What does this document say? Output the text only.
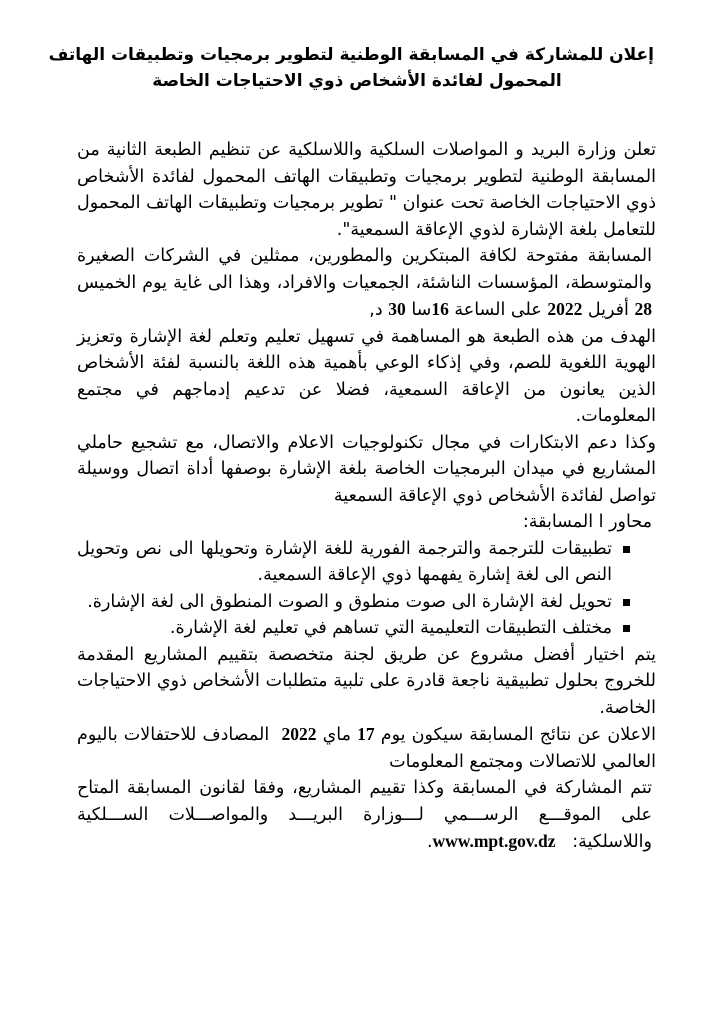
إعلان للمشاركة في المسابقة الوطنية لتطوير برمجيات وتطبيقات الهاتف
المحمول لفائدة الأشخاص ذوي الاحتياجات الخاصة

تعلن وزارة البريد و المواصلات السلكية واللاسلكية عن تنظيم الطبعة الثانية من المسابقة الوطنية لتطوير برمجيات وتطبيقات الهاتف المحمول لفائدة الأشخاص ذوي الاحتياجات الخاصة تحت عنوان " تطوير برمجيات وتطبيقات الهاتف المحمول للتعامل بلغة الإشارة لذوي الإعاقة السمعية".

المسابقة مفتوحة لكافة المبتكرين والمطورين، ممثلين في الشركات الصغيرة والمتوسطة، المؤسسات الناشئة، الجمعيات والافراد، وهذا الى غاية يوم الخميس 28 أفريل 2022 على الساعة 16سا 30 د,

الهدف من هذه الطبعة هو المساهمة في تسهيل تعليم وتعلم لغة الإشارة وتعزيز الهوية اللغوية للصم، وفي إذكاء الوعي بأهمية هذه اللغة بالنسبة لفئة الأشخاص الذين يعانون من الإعاقة السمعية، فضلا عن تدعيم إدماجهم في مجتمع المعلومات.

وكذا دعم الابتكارات في مجال تكنولوجيات الاعلام والاتصال، مع تشجيع حاملي المشاريع في ميدان البرمجيات الخاصة بلغة الإشارة بوصفها أداة اتصال ووسيلة تواصل لفائدة الأشخاص ذوي الإعاقة السمعية

محاور ا المسابقة:

تطبيقات للترجمة والترجمة الفورية للغة الإشارة وتحويلها الى نص وتحويل النص الى لغة إشارة يفهمها ذوي الإعاقة السمعية.
تحويل لغة الإشارة الى صوت منطوق و الصوت المنطوق الى لغة الإشارة.
مختلف التطبيقات التعليمية التي تساهم في تعليم لغة الإشارة.

يتم اختيار أفضل مشروع عن طريق لجنة متخصصة بتقييم المشاريع المقدمة للخروج بحلول تطبيقية ناجعة قادرة على تلبية متطلبات الأشخاص ذوي الاحتياجات الخاصة.

الاعلان عن نتائج المسابقة سيكون يوم 17 ماي 2022  المصادف للاحتفالات باليوم العالمي للاتصالات ومجتمع المعلومات

تتم المشاركة في المسابقة وكذا تقييم المشاريع، وفقا لقانون المسابقة المتاح على الموقـــع الرســـمي لـــوزارة البريـــد والمواصـــلات الســـلكية واللاسلكية:   www.mpt.gov.dz.
